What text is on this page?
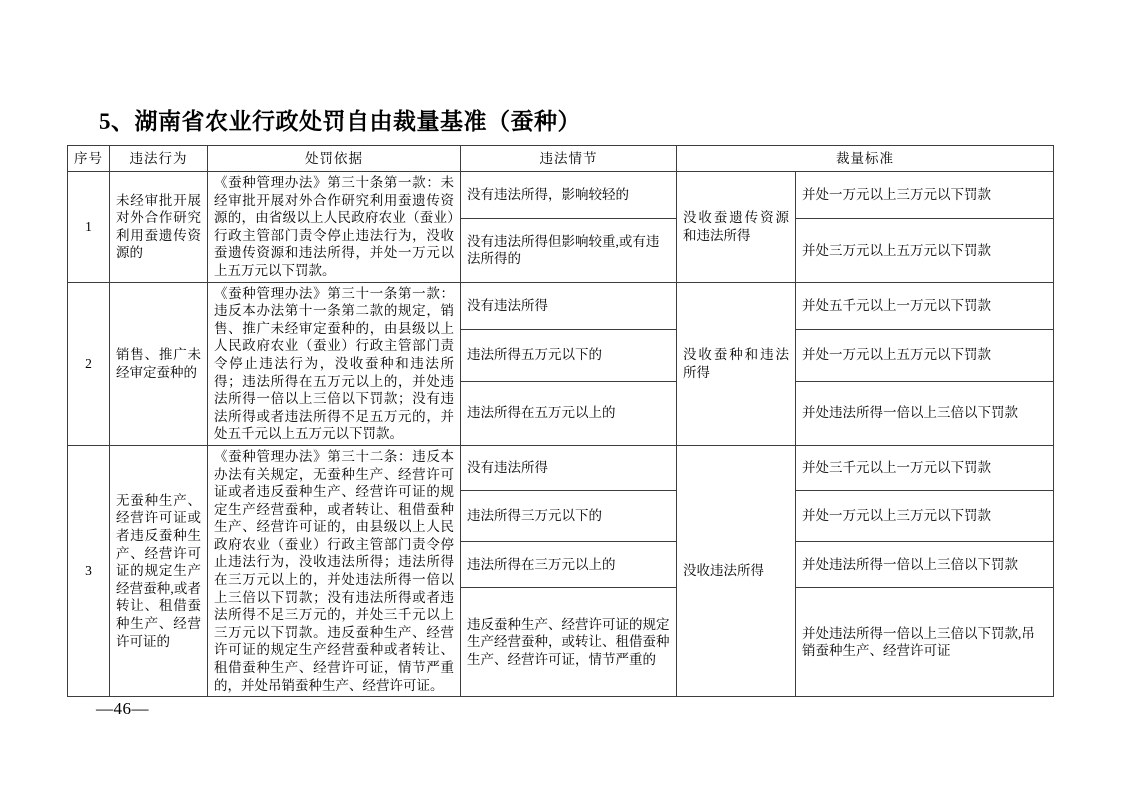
5、湖南省农业行政处罚自由裁量基准（蚕种）
序号	违法行为	处罚依据	违法情节	裁量标准	
1	未经审批开展对外合作研究利用蚕遗传资源的	《蚕种管理办法》第三十条第一款：未经审批开展对外合作研究利用蚕遗传资源的，由省级以上人民政府农业（蚕业）行政主管部门责令停止违法行为，没收蚕遗传资源和违法所得，并处一万元以上五万元以下罚款。	没有违法所得，影响较轻的	没收蚕遗传资源和违法所得	并处一万元以上三万元以下罚款
			没有违法所得但影响较重,或有违法所得的		并处三万元以上五万元以下罚款
2	销售、推广未经审定蚕种的	《蚕种管理办法》第三十一条第一款：违反本办法第十一条第二款的规定，销售、推广未经审定蚕种的，由县级以上人民政府农业（蚕业）行政主管部门责令停止违法行为，没收蚕种和违法所得；违法所得在五万元以上的，并处违法所得一倍以上三倍以下罚款；没有违法所得或者违法所得不足五万元的，并处五千元以上五万元以下罚款。	没有违法所得	没收蚕种和违法所得	并处五千元以上一万元以下罚款
			违法所得五万元以下的		并处一万元以上五万元以下罚款
			违法所得在五万元以上的		并处违法所得一倍以上三倍以下罚款
3	无蚕种生产、经营许可证或者违反蚕种生产、经营许可证的规定生产经营蚕种,或者转让、租借蚕种生产、经营许可证的	《蚕种管理办法》第三十二条：违反本办法有关规定，无蚕种生产、经营许可证或者违反蚕种生产、经营许可证的规定生产经营蚕种，或者转让、租借蚕种生产、经营许可证的，由县级以上人民政府农业（蚕业）行政主管部门责令停止违法行为，没收违法所得；违法所得在三万元以上的，并处违法所得一倍以上三倍以下罚款；没有违法所得或者违法所得不足三万元的，并处三千元以上三万元以下罚款。违反蚕种生产、经营许可证的规定生产经营蚕种或者转让、租借蚕种生产、经营许可证，情节严重的，并处吊销蚕种生产、经营许可证。	没有违法所得	没收违法所得	并处三千元以上一万元以下罚款
			违法所得三万元以下的		并处一万元以上三万元以下罚款
			违法所得在三万元以上的		并处违法所得一倍以上三倍以下罚款
			违反蚕种生产、经营许可证的规定生产经营蚕种，或转让、租借蚕种生产、经营许可证，情节严重的		并处违法所得一倍以上三倍以下罚款,吊销蚕种生产、经营许可证
—46—
